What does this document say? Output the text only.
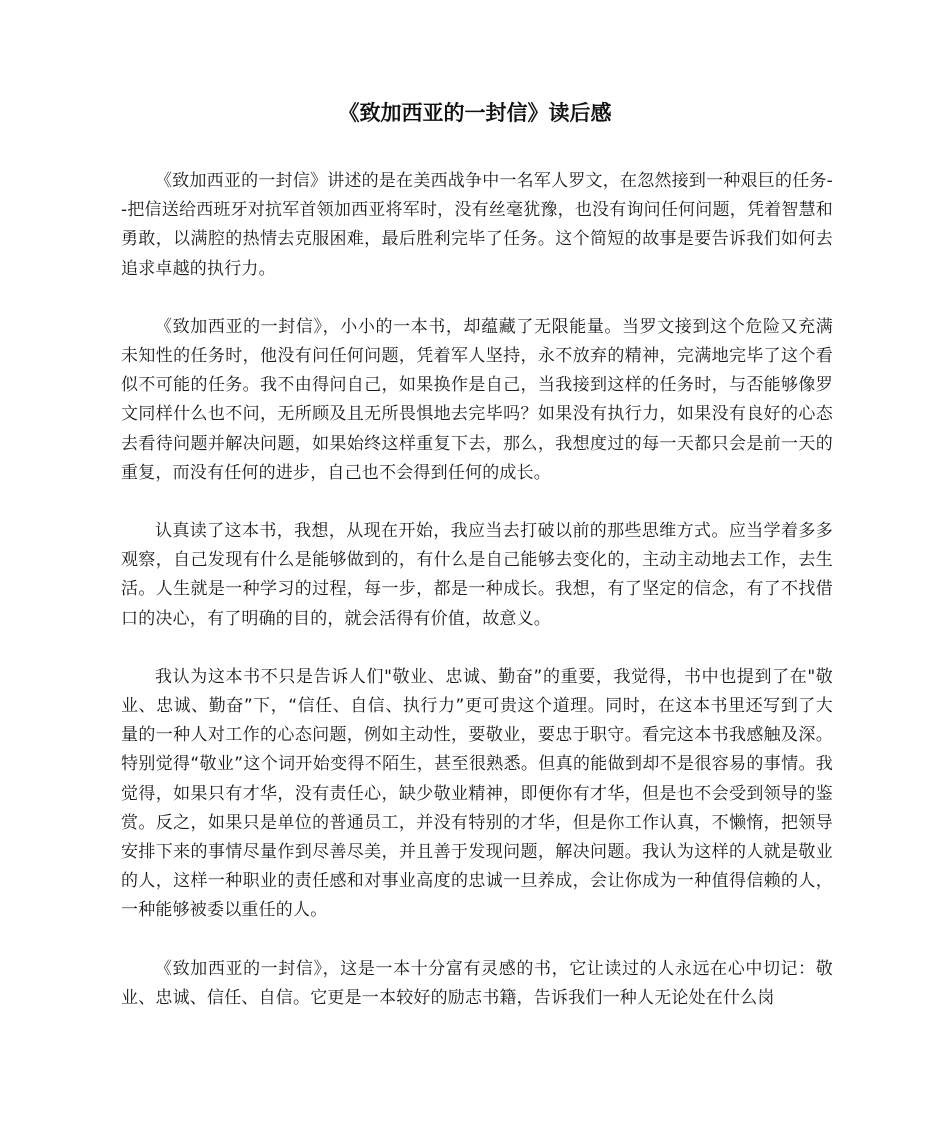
《致加西亚的一封信》读后感

《致加西亚的一封信》讲述的是在美西战争中一名军人罗文，在忽然接到一种艰巨的任务--把信送给西班牙对抗军首领加西亚将军时，没有丝毫犹豫，也没有询问任何问题，凭着智慧和勇敢，以满腔的热情去克服困难，最后胜利完毕了任务。这个简短的故事是要告诉我们如何去追求卓越的执行力。

《致加西亚的一封信》，小小的一本书，却蕴藏了无限能量。当罗文接到这个危险又充满未知性的任务时，他没有问任何问题，凭着军人坚持，永不放弃的精神，完满地完毕了这个看似不可能的任务。我不由得问自己，如果换作是自己，当我接到这样的任务时，与否能够像罗文同样什么也不问，无所顾及且无所畏惧地去完毕吗？如果没有执行力，如果没有良好的心态去看待问题并解决问题，如果始终这样重复下去，那么，我想度过的每一天都只会是前一天的重复，而没有任何的进步，自己也不会得到任何的成长。

认真读了这本书，我想，从现在开始，我应当去打破以前的那些思维方式。应当学着多多观察，自己发现有什么是能够做到的，有什么是自己能够去变化的，主动主动地去工作，去生活。人生就是一种学习的过程，每一步，都是一种成长。我想，有了坚定的信念，有了不找借口的决心，有了明确的目的，就会活得有价值，故意义。

我认为这本书不只是告诉人们"敬业、忠诚、勤奋”的重要，我觉得，书中也提到了在"敬业、忠诚、勤奋”下，“信任、自信、执行力”更可贵这个道理。同时，在这本书里还写到了大量的一种人对工作的心态问题，例如主动性，要敬业，要忠于职守。看完这本书我感触及深。特别觉得“敬业”这个词开始变得不陌生，甚至很熟悉。但真的能做到却不是很容易的事情。我觉得，如果只有才华，没有责任心，缺少敬业精神，即便你有才华，但是也不会受到领导的鉴赏。反之，如果只是单位的普通员工，并没有特别的才华，但是你工作认真，不懒惰，把领导安排下来的事情尽量作到尽善尽美，并且善于发现问题，解决问题。我认为这样的人就是敬业的人，这样一种职业的责任感和对事业高度的忠诚一旦养成，会让你成为一种值得信赖的人，一种能够被委以重任的人。

《致加西亚的一封信》，这是一本十分富有灵感的书，它让读过的人永远在心中切记：敬业、忠诚、信任、自信。它更是一本较好的励志书籍，告诉我们一种人无论处在什么岗
